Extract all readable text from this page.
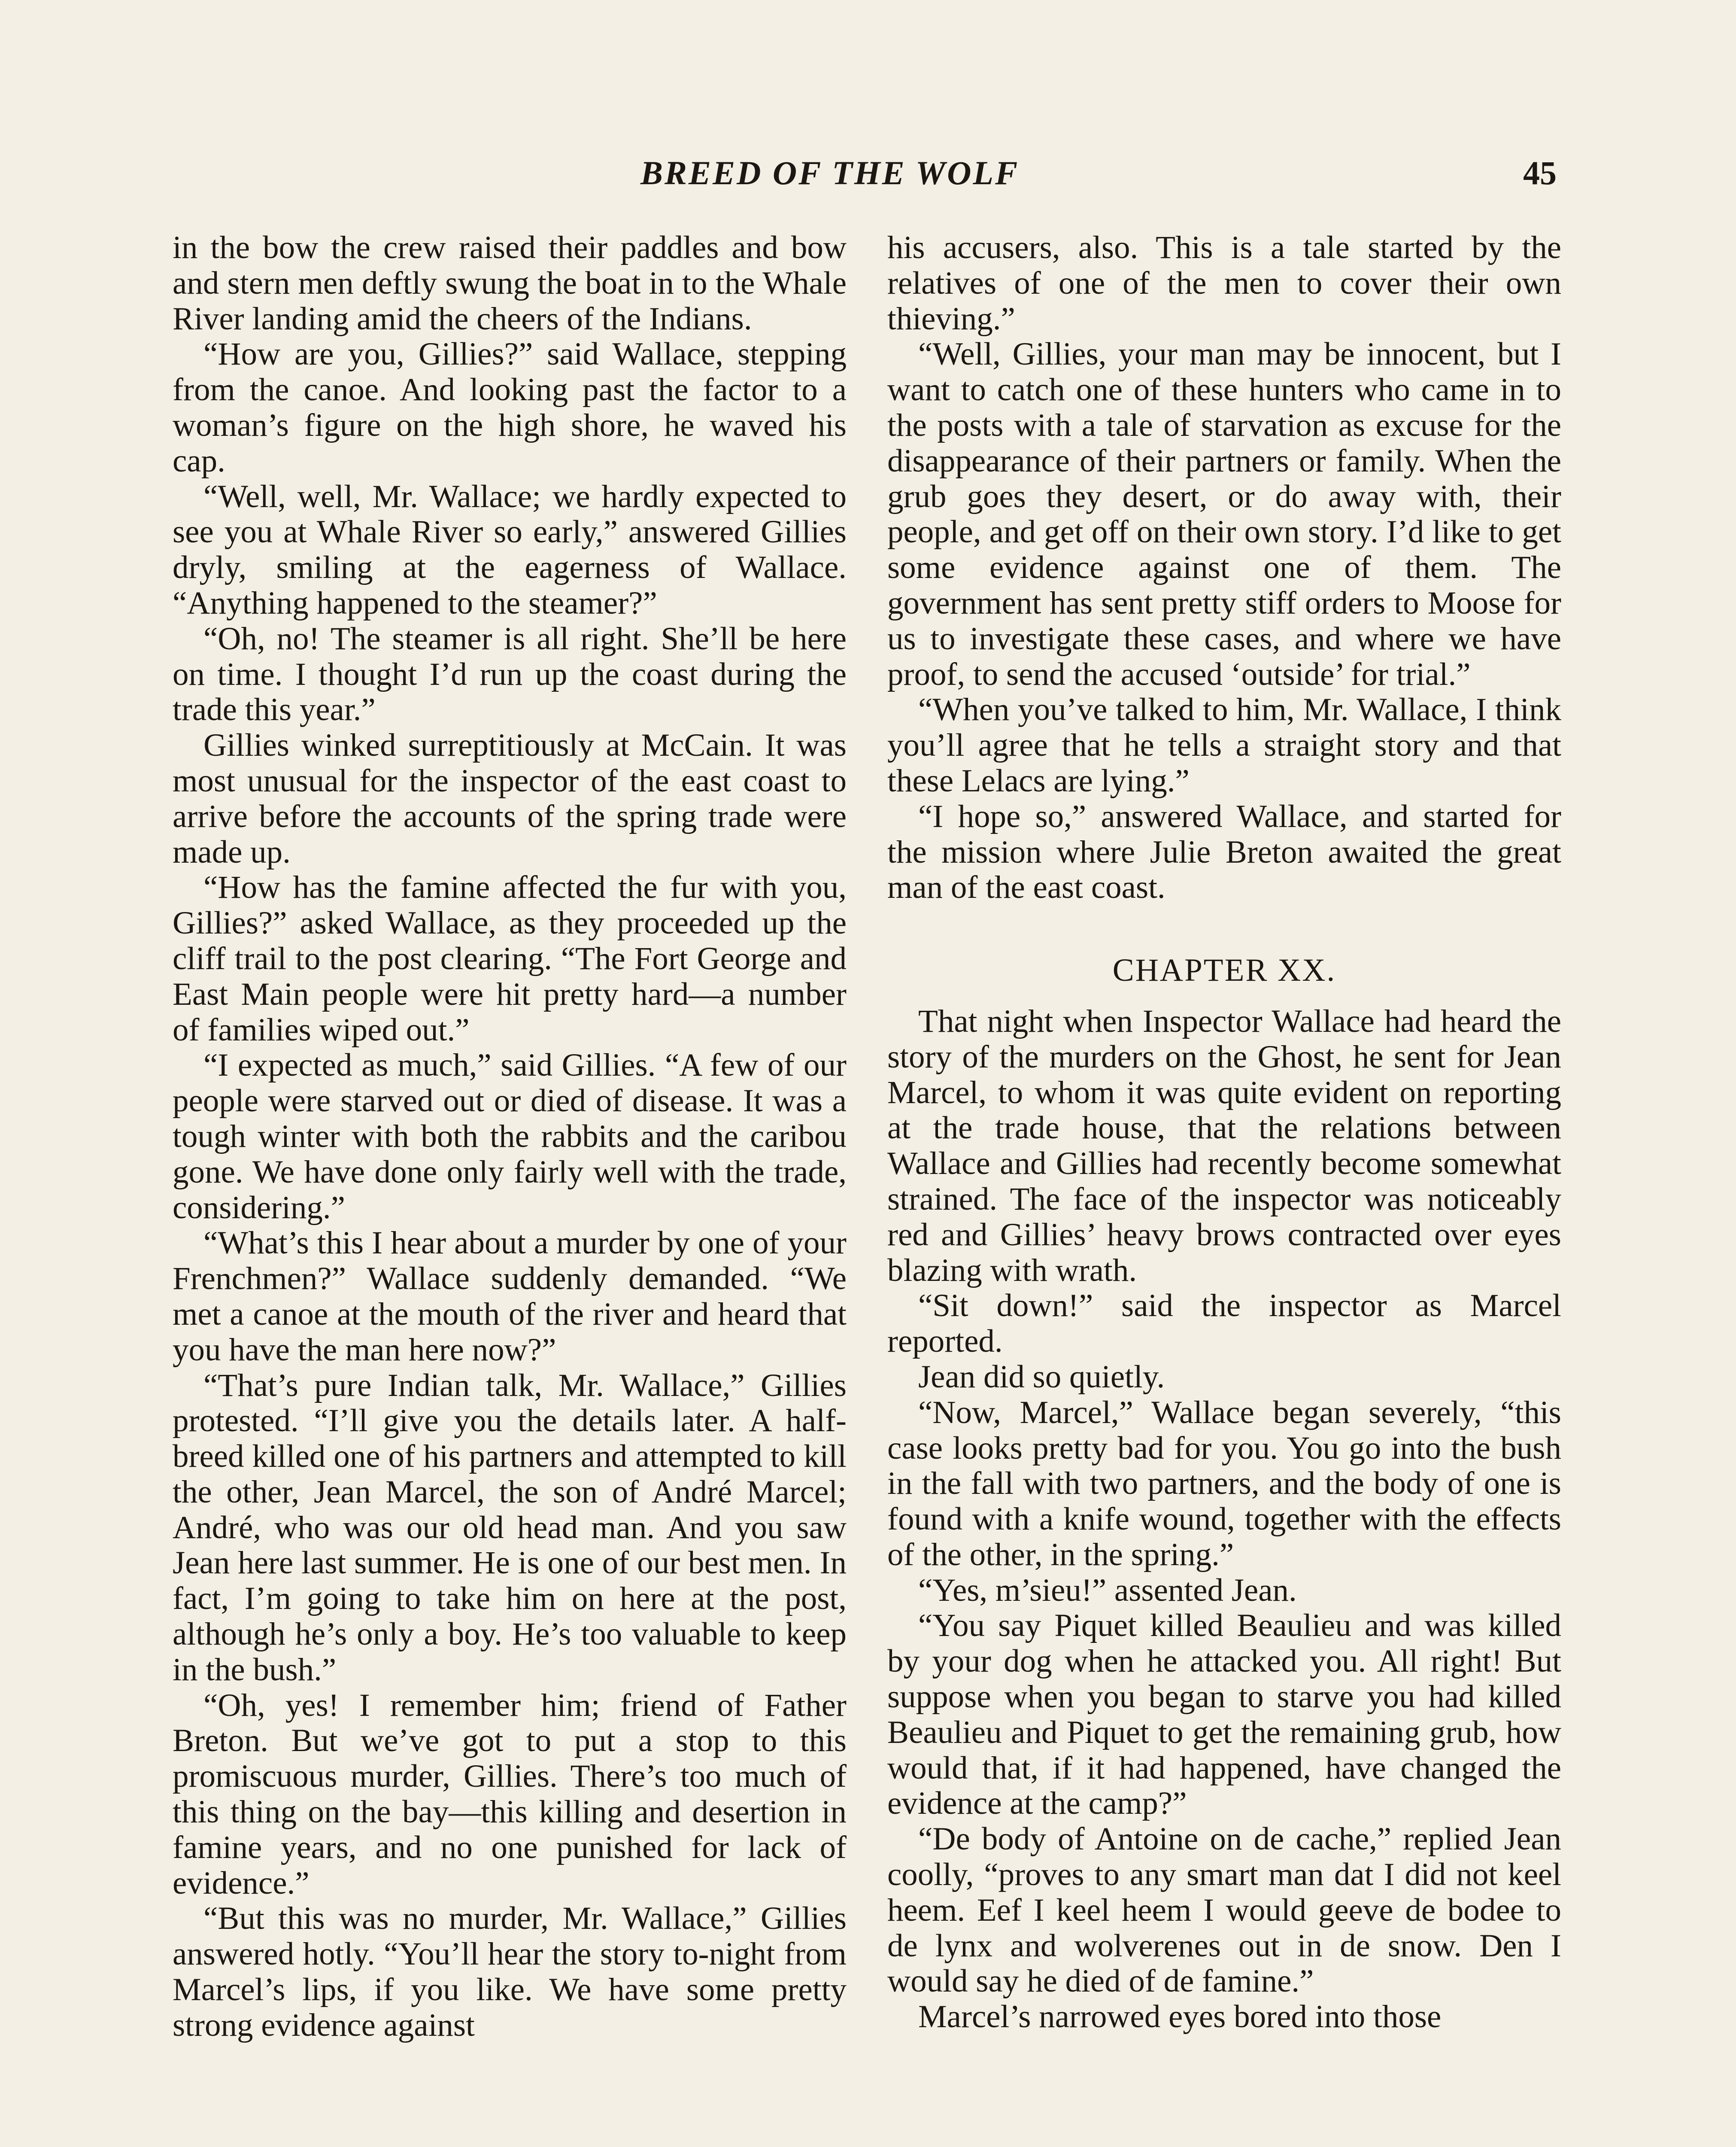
BREED OF THE WOLF	45

in the bow the crew raised their paddles and bow and stern men deftly swung the boat in to the Whale River landing amid the cheers of the Indians.

“How are you, Gillies?” said Wallace, stepping from the canoe. And looking past the factor to a woman’s figure on the high shore, he waved his cap.

“Well, well, Mr. Wallace; we hardly expected to see you at Whale River so early,” answered Gillies dryly, smiling at the eagerness of Wallace. “Anything happened to the steamer?”

“Oh, no! The steamer is all right. She’ll be here on time. I thought I’d run up the coast during the trade this year.”

Gillies winked surreptitiously at McCain. It was most unusual for the inspector of the east coast to arrive before the accounts of the spring trade were made up.

“How has the famine affected the fur with you, Gillies?” asked Wallace, as they proceeded up the cliff trail to the post clearing. “The Fort George and East Main people were hit pretty hard—a number of families wiped out.”

“I expected as much,” said Gillies. “A few of our people were starved out or died of disease. It was a tough winter with both the rabbits and the caribou gone. We have done only fairly well with the trade, considering.”

“What’s this I hear about a murder by one of your Frenchmen?” Wallace suddenly demanded. “We met a canoe at the mouth of the river and heard that you have the man here now?”

“That’s pure Indian talk, Mr. Wallace,” Gillies protested. “I’ll give you the details later. A half-breed killed one of his partners and attempted to kill the other, Jean Marcel, the son of André Marcel; André, who was our old head man. And you saw Jean here last summer. He is one of our best men. In fact, I’m going to take him on here at the post, although he’s only a boy. He’s too valuable to keep in the bush.”

“Oh, yes! I remember him; friend of Father Breton. But we’ve got to put a stop to this promiscuous murder, Gillies. There’s too much of this thing on the bay—this killing and desertion in famine years, and no one punished for lack of evidence.”

“But this was no murder, Mr. Wallace,” Gillies answered hotly. “You’ll hear the story to-night from Marcel’s lips, if you like. We have some pretty strong evidence against

his accusers, also. This is a tale started by the relatives of one of the men to cover their own thieving.”

“Well, Gillies, your man may be innocent, but I want to catch one of these hunters who came in to the posts with a tale of starvation as excuse for the disappearance of their partners or family. When the grub goes they desert, or do away with, their people, and get off on their own story. I’d like to get some evidence against one of them. The government has sent pretty stiff orders to Moose for us to investigate these cases, and where we have proof, to send the accused ‘outside’ for trial.”

“When you’ve talked to him, Mr. Wallace, I think you’ll agree that he tells a straight story and that these Lelacs are lying.”

“I hope so,” answered Wallace, and started for the mission where Julie Breton awaited the great man of the east coast.

CHAPTER XX.

That night when Inspector Wallace had heard the story of the murders on the Ghost, he sent for Jean Marcel, to whom it was quite evident on reporting at the trade house, that the relations between Wallace and Gillies had recently become somewhat strained. The face of the inspector was noticeably red and Gillies’ heavy brows contracted over eyes blazing with wrath.

“Sit down!” said the inspector as Marcel reported.

Jean did so quietly.

“Now, Marcel,” Wallace began severely, “this case looks pretty bad for you. You go into the bush in the fall with two partners, and the body of one is found with a knife wound, together with the effects of the other, in the spring.”

“Yes, m’sieu!” assented Jean.

“You say Piquet killed Beaulieu and was killed by your dog when he attacked you. All right! But suppose when you began to starve you had killed Beaulieu and Piquet to get the remaining grub, how would that, if it had happened, have changed the evidence at the camp?”

“De body of Antoine on de cache,” replied Jean coolly, “proves to any smart man dat I did not keel heem. Eef I keel heem I would geeve de bodee to de lynx and wolverenes out in de snow. Den I would say he died of de famine.”

Marcel’s narrowed eyes bored into those
